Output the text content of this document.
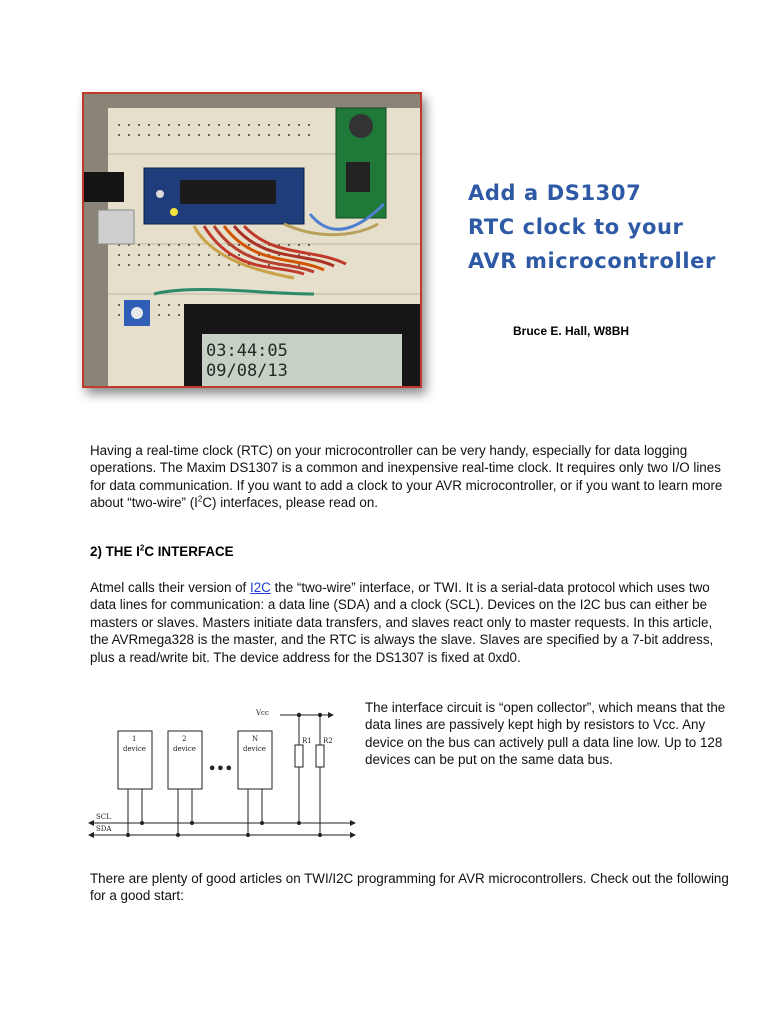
03:44:05
09/08/13
Add a DS1307
RTC clock to your
AVR microcontroller
Bruce E. Hall, W8BH

Having a real-time clock (RTC) on your microcontroller can be very handy, especially for data logging operations. The Maxim DS1307 is a common and inexpensive real-time clock. It requires only two I/O lines for data communication. If you want to add a clock to your AVR microcontroller, or if you want to learn more about “two-wire” $(I^2C)$ interfaces, please read on.

2) THE $I^2C$ INTERFACE

Atmel calls their version of I2C the “two-wire” interface, or TWI. It is a serial-data protocol which uses two data lines for communication: a data line (SDA) and a clock (SCL). Devices on the I2C bus can either be masters or slaves. Masters initiate data transfers, and slaves react only to master requests. In this article, the AVRmega328 is the master, and the RTC is always the slave. Slaves are specified by a 7-bit address, plus a read/write bit. The device address for the DS1307 is fixed at 0xd0.

1
device
2
device
N
device
•••
Vcc
R1 R2
SCL
SDA

The interface circuit is “open collector”, which means that the data lines are passively kept high by resistors to Vcc. Any device on the bus can actively pull a data line low. Up to 128 devices can be put on the same data bus.

There are plenty of good articles on TWI/I2C programming for AVR microcontrollers. Check out the following for a good start:
